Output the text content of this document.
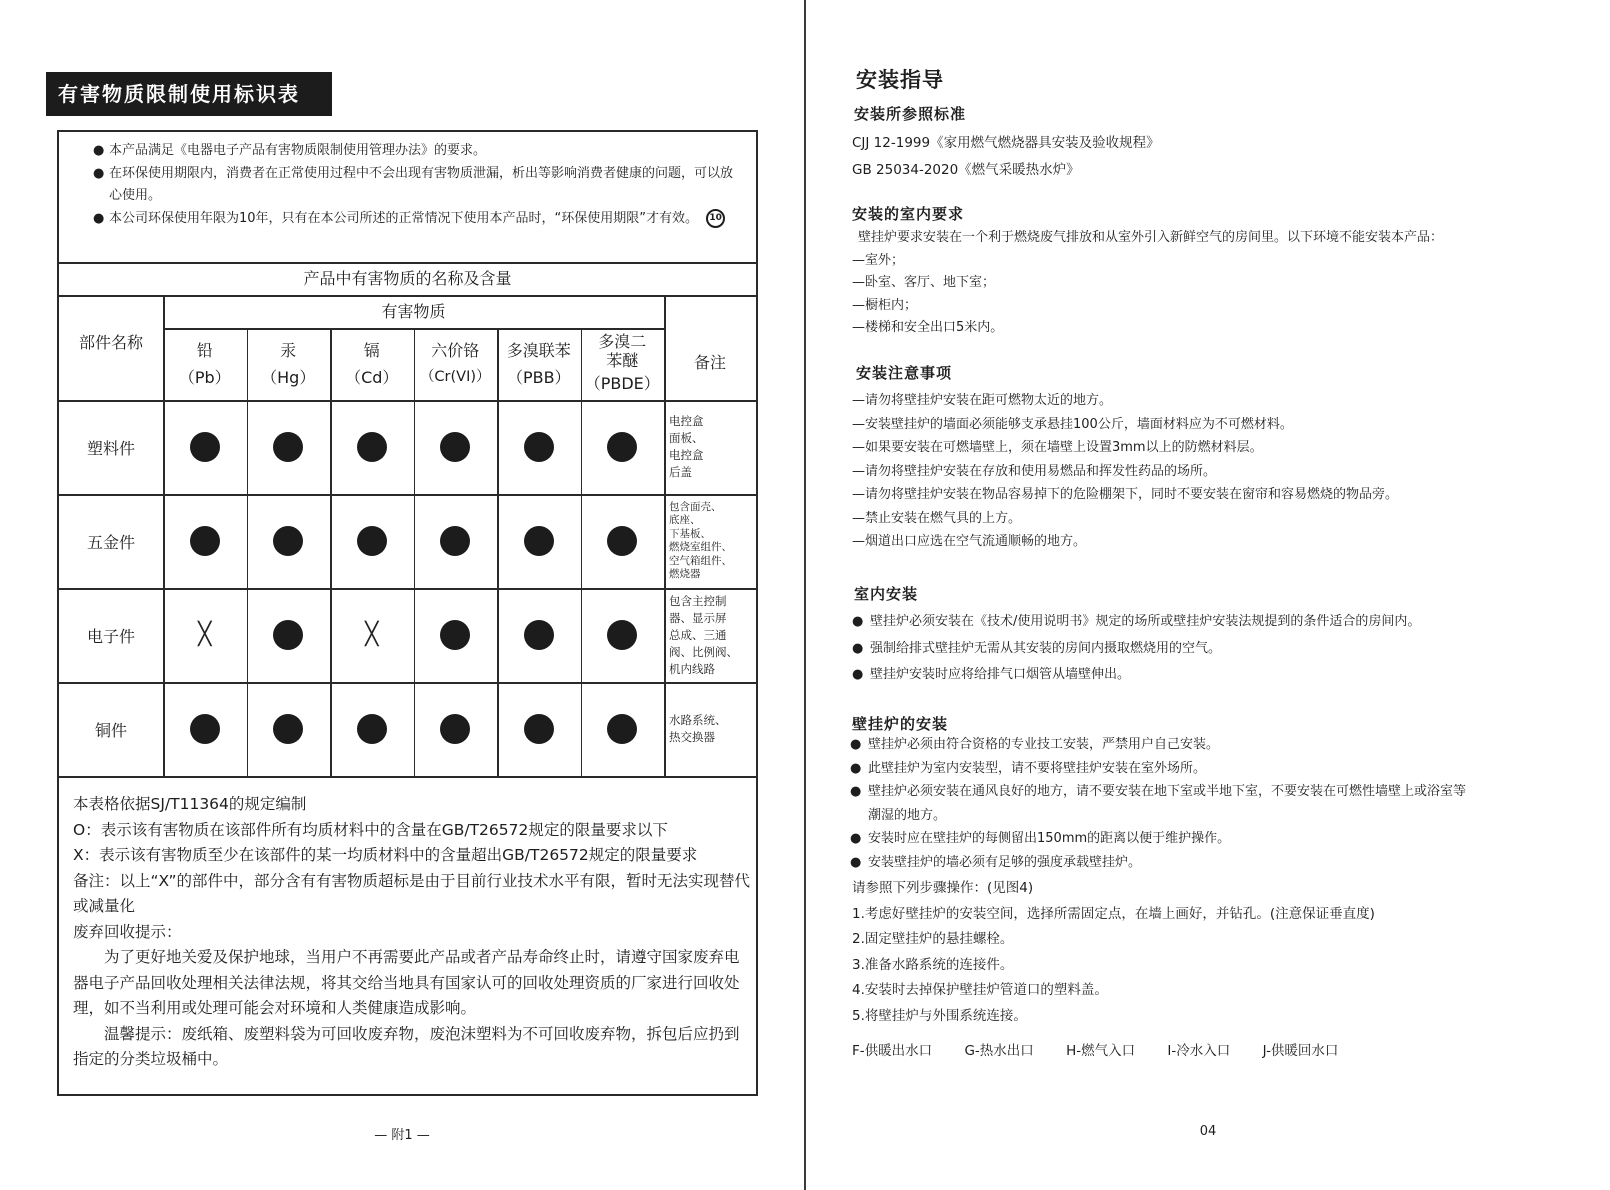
有害物质限制使用标识表
● 本产品满足《电器电子产品有害物质限制使用管理办法》的要求。
● 在环保使用期限内，消费者在正常使用过程中不会出现有害物质泄漏，析出等影响消费者健康的问题，可以放心使用。
● 本公司环保使用年限为10年，只有在本公司所述的正常情况下使用本产品时，“环保使用期限”才有效。 10
产品中有害物质的名称及含量
有害物质
部件名称
备注
铅
（Pb）
汞
（Hg）
镉
（Cd）
六价铬
（Cr(VI)）
多溴联苯
（PBB）
多溴二苯醚
（PBDE）
塑料件
电控盒
面板、
电控盒
后盖
五金件
包含面壳、
底座、
下基板、
燃烧室组件、
空气箱组件、
燃烧器
电子件	╳	╳
包含主控制
器、显示屏
总成、三通
阀、比例阀、
机内线路
铜件
水路系统、
热交换器
本表格依据SJ/T11364的规定编制
O：表示该有害物质在该部件所有均质材料中的含量在GB/T26572规定的限量要求以下
X：表示该有害物质至少在该部件的某一均质材料中的含量超出GB/T26572规定的限量要求
备注：以上“X”的部件中，部分含有有害物质超标是由于目前行业技术水平有限，暂时无法实现替代或减量化
废弃回收提示：
为了更好地关爱及保护地球，当用户不再需要此产品或者产品寿命终止时，请遵守国家废弃电器电子产品回收处理相关法律法规，将其交给当地具有国家认可的回收处理资质的厂家进行回收处理，如不当利用或处理可能会对环境和人类健康造成影响。
温馨提示：废纸箱、废塑料袋为可回收废弃物，废泡沫塑料为不可回收废弃物，拆包后应扔到指定的分类垃圾桶中。
— 附1 —
安装指导
安装所参照标准
CJJ 12-1999《家用燃气燃烧器具安装及验收规程》
GB 25034-2020《燃气采暖热水炉》
安装的室内要求
壁挂炉要求安装在一个利于燃烧废气排放和从室外引入新鲜空气的房间里。以下环境不能安装本产品：
—室外；
—卧室、客厅、地下室；
—橱柜内；
—楼梯和安全出口5米内。
安装注意事项
—请勿将壁挂炉安装在距可燃物太近的地方。
—安装壁挂炉的墙面必须能够支承悬挂100公斤，墙面材料应为不可燃材料。
—如果要安装在可燃墙壁上，须在墙壁上设置3mm以上的防燃材料层。
—请勿将壁挂炉安装在存放和使用易燃品和挥发性药品的场所。
—请勿将壁挂炉安装在物品容易掉下的危险棚架下，同时不要安装在窗帘和容易燃烧的物品旁。
—禁止安装在燃气具的上方。
—烟道出口应选在空气流通顺畅的地方。
室内安装
● 壁挂炉必须安装在《技术/使用说明书》规定的场所或壁挂炉安装法规提到的条件适合的房间内。
● 强制给排式壁挂炉无需从其安装的房间内摄取燃烧用的空气。
● 壁挂炉安装时应将给排气口烟管从墙壁伸出。
壁挂炉的安装
● 壁挂炉必须由符合资格的专业技工安装，严禁用户自己安装。
● 此壁挂炉为室内安装型，请不要将壁挂炉安装在室外场所。
● 壁挂炉必须安装在通风良好的地方，请不要安装在地下室或半地下室，不要安装在可燃性墙壁上或浴室等
潮湿的地方。
● 安装时应在壁挂炉的每侧留出150mm的距离以便于维护操作。
● 安装壁挂炉的墙必须有足够的强度承载壁挂炉。
请参照下列步骤操作：(见图4)
1.考虑好壁挂炉的安装空间，选择所需固定点，在墙上画好，并钻孔。(注意保证垂直度)
2.固定壁挂炉的悬挂螺栓。
3.准备水路系统的连接件。
4.安装时去掉保护壁挂炉管道口的塑料盖。
5.将壁挂炉与外围系统连接。
F-供暖出水口 G-热水出口 H-燃气入口 I-冷水入口 J-供暖回水口
04
